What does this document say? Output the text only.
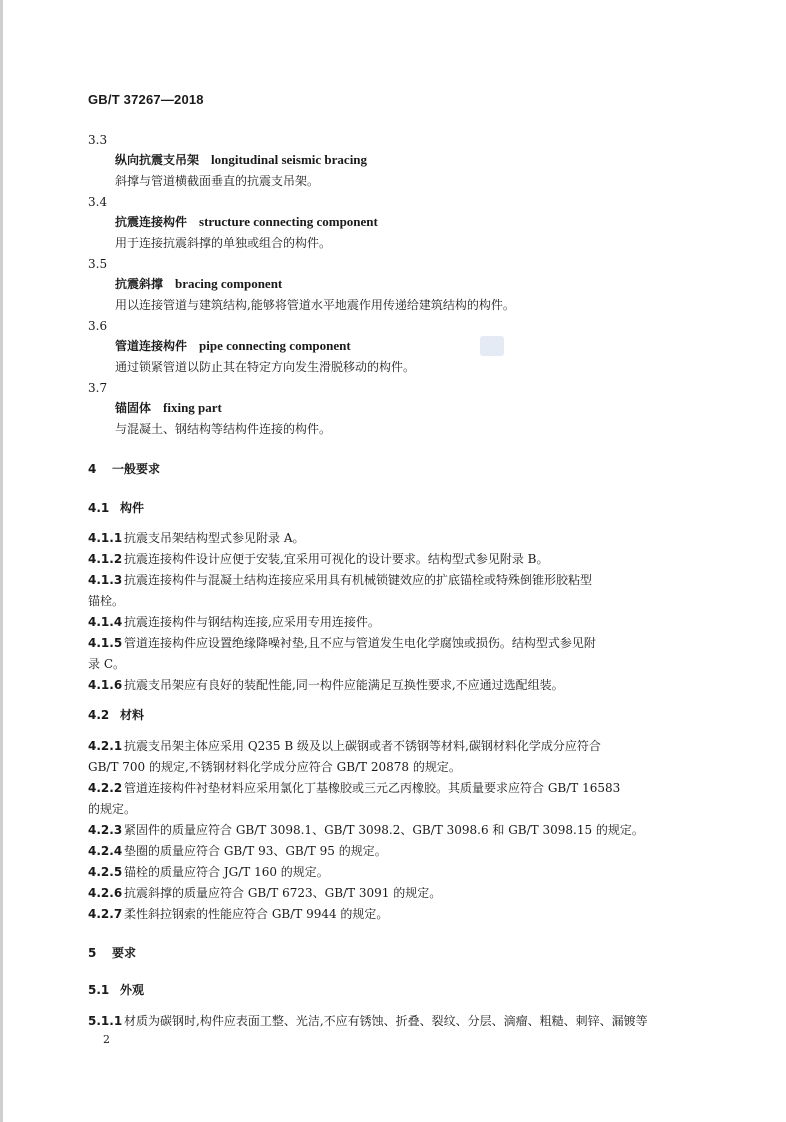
GB/T 37267—2018
3.3
纵向抗震支吊架 longitudinal seismic bracing
斜撑与管道横截面垂直的抗震支吊架。
3.4
抗震连接构件 structure connecting component
用于连接抗震斜撑的单独或组合的构件。
3.5
抗震斜撑 bracing component
用以连接管道与建筑结构,能够将管道水平地震作用传递给建筑结构的构件。
3.6
管道连接构件 pipe connecting component
通过锁紧管道以防止其在特定方向发生滑脱移动的构件。
3.7
锚固体 fixing part
与混凝土、钢结构等结构件连接的构件。
4 一般要求
4.1 构件
4.1.1 抗震支吊架结构型式参见附录 A。
4.1.2 抗震连接构件设计应便于安装,宜采用可视化的设计要求。结构型式参见附录 B。
4.1.3 抗震连接构件与混凝土结构连接应采用具有机械锁键效应的扩底锚栓或特殊倒锥形胶粘型
锚栓。
4.1.4 抗震连接构件与钢结构连接,应采用专用连接件。
4.1.5 管道连接构件应设置绝缘降噪衬垫,且不应与管道发生电化学腐蚀或损伤。结构型式参见附
录 C。
4.1.6 抗震支吊架应有良好的装配性能,同一构件应能满足互换性要求,不应通过选配组装。
4.2 材料
4.2.1 抗震支吊架主体应采用 Q235 B 级及以上碳钢或者不锈钢等材料,碳钢材料化学成分应符合
GB/T 700 的规定,不锈钢材料化学成分应符合 GB/T 20878 的规定。
4.2.2 管道连接构件衬垫材料应采用氯化丁基橡胶或三元乙丙橡胶。其质量要求应符合 GB/T 16583
的规定。
4.2.3 紧固件的质量应符合 GB/T 3098.1、GB/T 3098.2、GB/T 3098.6 和 GB/T 3098.15 的规定。
4.2.4 垫圈的质量应符合 GB/T 93、GB/T 95 的规定。
4.2.5 锚栓的质量应符合 JG/T 160 的规定。
4.2.6 抗震斜撑的质量应符合 GB/T 6723、GB/T 3091 的规定。
4.2.7 柔性斜拉钢索的性能应符合 GB/T 9944 的规定。
5 要求
5.1 外观
5.1.1 材质为碳钢时,构件应表面工整、光洁,不应有锈蚀、折叠、裂纹、分层、滴瘤、粗糙、刺锌、漏镀等
2
